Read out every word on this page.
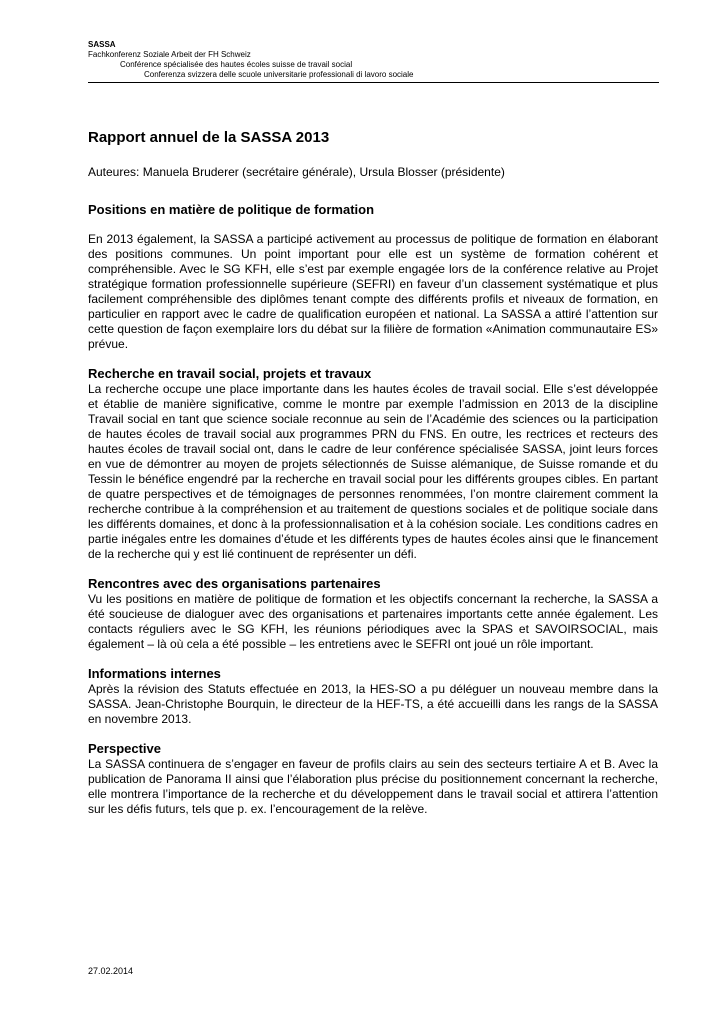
SASSA
Fachkonferenz Soziale Arbeit der FH Schweiz
Conférence spécialisée des hautes écoles suisse de travail social
Conferenza svizzera delle scuole universitarie professionali di lavoro sociale
Rapport annuel de la SASSA 2013
Auteures: Manuela Bruderer (secrétaire générale), Ursula Blosser (présidente)
Positions en matière de politique de formation

En 2013 également, la SASSA a participé activement au processus de politique de formation en élaborant des positions communes. Un point important pour elle est un système de formation cohérent et compréhensible. Avec le SG KFH, elle s’est par exemple engagée lors de la conférence relative au Projet stratégique formation professionnelle supérieure (SEFRI) en faveur d’un classement systématique et plus facilement compréhensible des diplômes tenant compte des différents profils et niveaux de formation, en particulier en rapport avec le cadre de qualification européen et national. La SASSA a attiré l’attention sur cette question de façon exemplaire lors du débat sur la filière de formation «Animation communautaire ES» prévue.

Recherche en travail social, projets et travaux

La recherche occupe une place importante dans les hautes écoles de travail social. Elle s’est développée et établie de manière significative, comme le montre par exemple l’admission en 2013 de la discipline Travail social en tant que science sociale reconnue au sein de l’Académie des sciences ou la participation de hautes écoles de travail social aux programmes PRN du FNS. En outre, les rectrices et recteurs des hautes écoles de travail social ont, dans le cadre de leur conférence spécialisée SASSA, joint leurs forces en vue de démontrer au moyen de projets sélectionnés de Suisse alémanique, de Suisse romande et du Tessin le bénéfice engendré par la recherche en travail social pour les différents groupes cibles. En partant de quatre perspectives et de témoignages de personnes renommées, l’on montre clairement comment la recherche contribue à la compréhension et au traitement de questions sociales et de politique sociale dans les différents domaines, et donc à la professionnalisation et à la cohésion sociale. Les conditions cadres en partie inégales entre les domaines d’étude et les différents types de hautes écoles ainsi que le financement de la recherche qui y est lié continuent de représenter un défi.

Rencontres avec des organisations partenaires

Vu les positions en matière de politique de formation et les objectifs concernant la recherche, la SASSA a été soucieuse de dialoguer avec des organisations et partenaires importants cette année également. Les contacts réguliers avec le SG KFH, les réunions périodiques avec la SPAS et SAVOIRSOCIAL, mais également – là où cela a été possible – les entretiens avec le SEFRI ont joué un rôle important.

Informations internes

Après la révision des Statuts effectuée en 2013, la HES-SO a pu déléguer un nouveau membre dans la SASSA. Jean-Christophe Bourquin, le directeur de la HEF-TS, a été accueilli dans les rangs de la SASSA en novembre 2013.

Perspective

La SASSA continuera de s’engager en faveur de profils clairs au sein des secteurs tertiaire A et B. Avec la publication de Panorama II ainsi que l’élaboration plus précise du positionnement concernant la recherche, elle montrera l’importance de la recherche et du développement dans le travail social et attirera l’attention sur les défis futurs, tels que p. ex. l’encouragement de la relève.

27.02.2014
